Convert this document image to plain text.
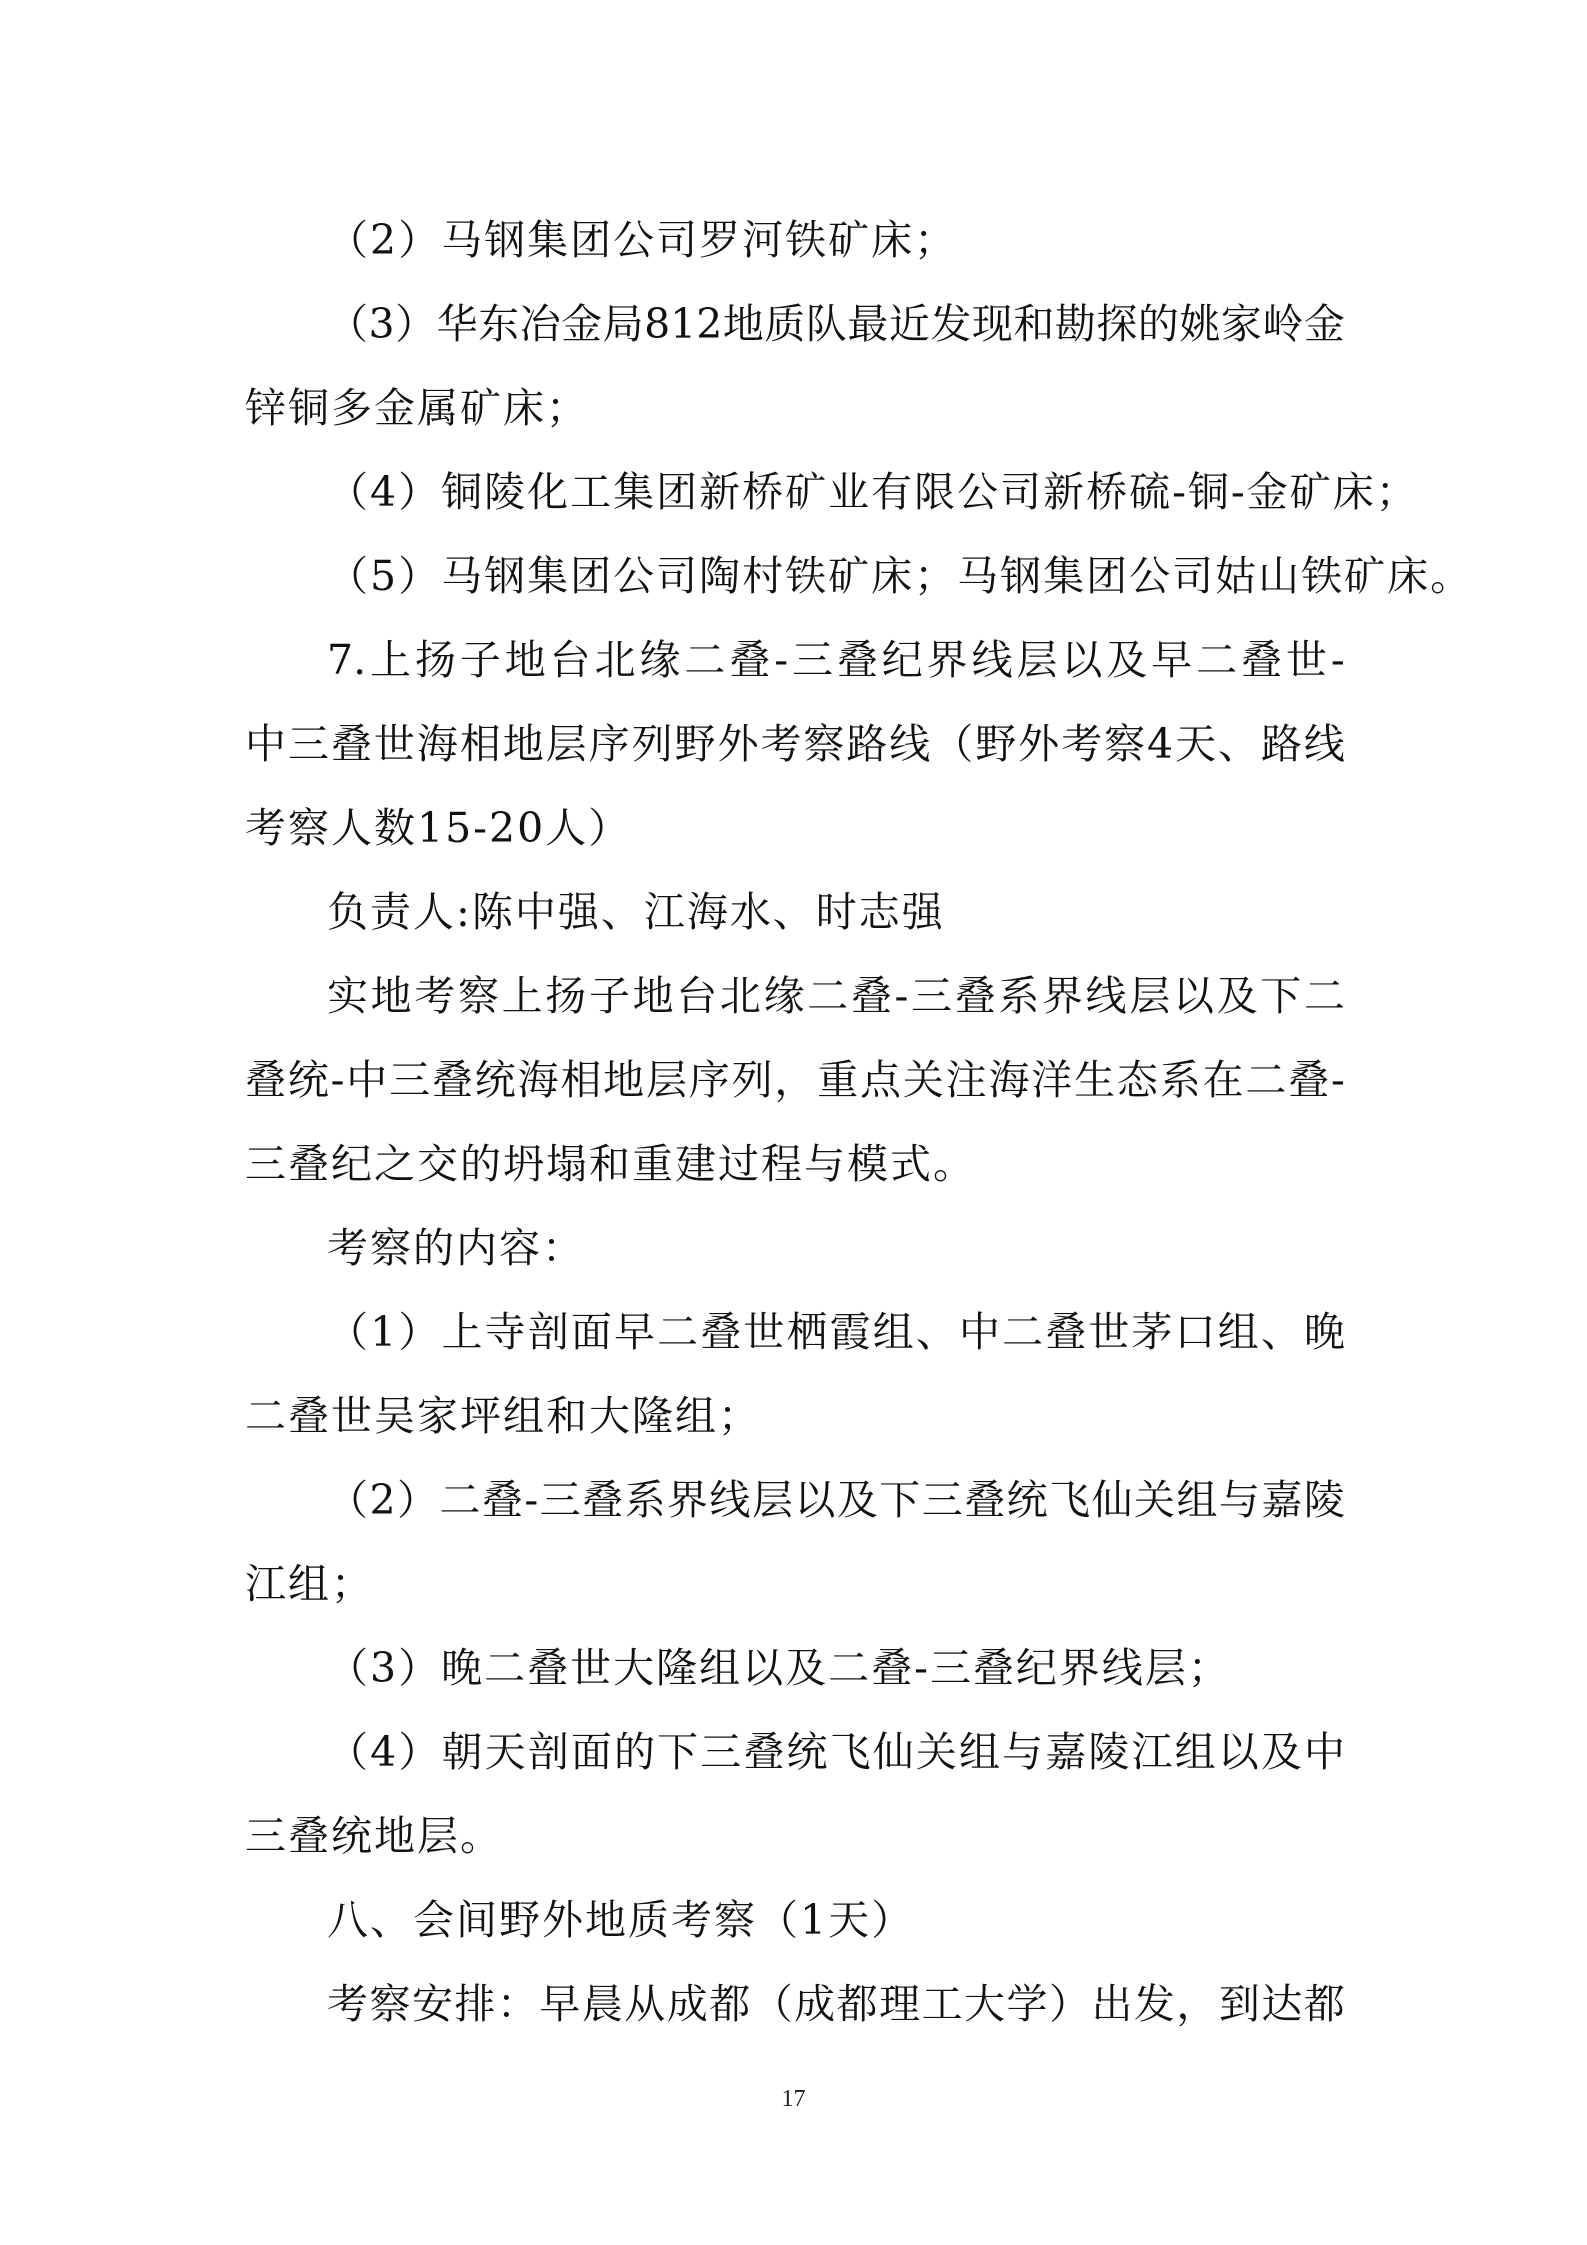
（2）马钢集团公司罗河铁矿床；
（ 3 ） 华 东 冶 金 局 812 地 质 队 最 近 发 现 和 勘 探 的 姚 家 岭 金
锌铜多金属矿床；
（4）铜陵化工集团新桥矿业有限公司新桥硫-铜-金矿床；
（5）马钢集团公司陶村铁矿床；马钢集团公司姑山铁矿床。
7. 上 扬 子 地 台 北 缘 二 叠 - 三 叠 纪 界 线 层 以 及 早 二 叠 世 -
中 三 叠 世 海 相 地 层 序 列 野 外 考 察 路 线 （ 野 外 考 察 4 天 、 路 线
考察人数15-20人）
负责人:陈中强、江海水、时志强
实 地 考 察 上 扬 子 地 台 北 缘 二 叠 - 三 叠 系 界 线 层 以 及 下 二
叠 统 - 中 三 叠 统 海 相 地 层 序 列 ， 重 点 关 注 海 洋 生 态 系 在 二 叠 -
三叠纪之交的坍塌和重建过程与模式。
考察的内容：
（ 1 ） 上 寺 剖 面 早 二 叠 世 栖 霞 组 、 中 二 叠 世 茅 口 组 、 晚
二叠世吴家坪组和大隆组；
（ 2 ） 二 叠 - 三 叠 系 界 线 层 以 及 下 三 叠 统 飞 仙 关 组 与 嘉 陵
江组；
（3）晚二叠世大隆组以及二叠-三叠纪界线层；
（ 4 ） 朝 天 剖 面 的 下 三 叠 统 飞 仙 关 组 与 嘉 陵 江 组 以 及 中
三叠统地层。
八、会间野外地质考察（1天）
考 察 安 排 ： 早 晨 从 成 都 （ 成 都 理 工 大 学 ） 出 发 ， 到 达 都
17
